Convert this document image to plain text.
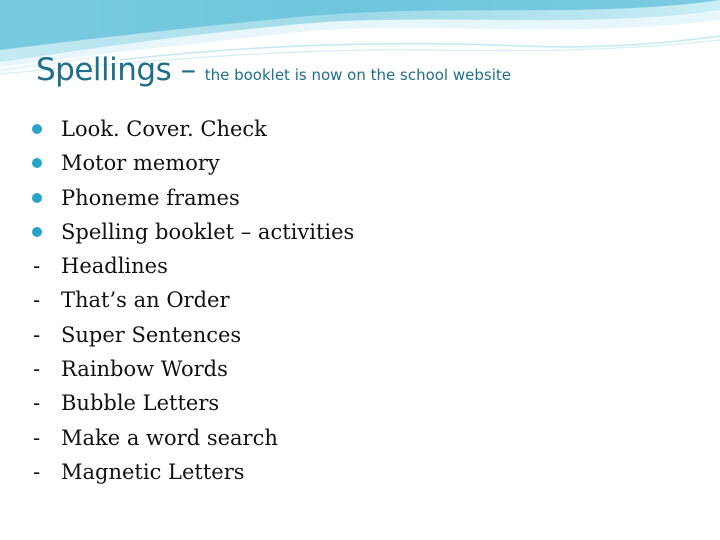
Spellings – the booklet is now on the school website
Look. Cover. Check
Motor memory
Phoneme frames
Spelling booklet – activities
- Headlines
- That’s an Order
- Super Sentences
- Rainbow Words
- Bubble Letters
- Make a word search
- Magnetic Letters
